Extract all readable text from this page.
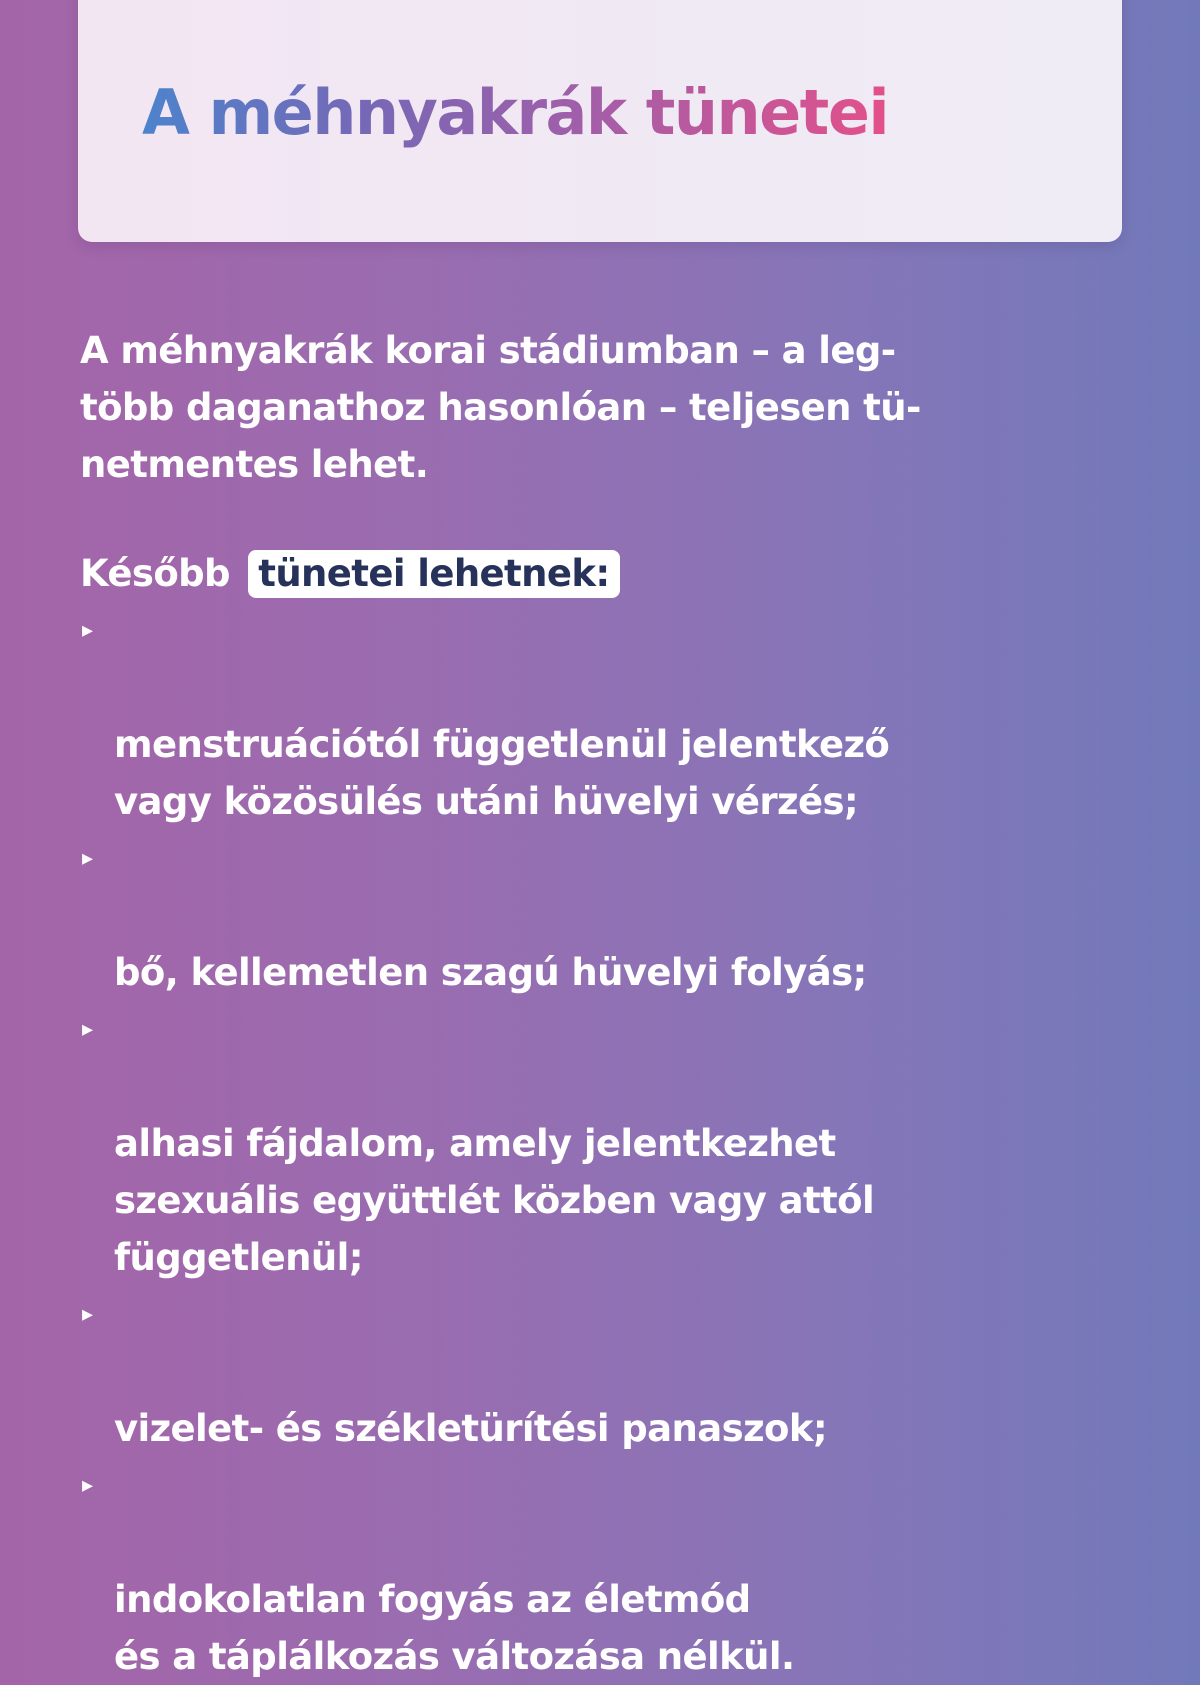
A méhnyakrák tünetei

A méhnyakrák korai stádiumban – a leg-
több daganathoz hasonlóan – teljesen tü-
netmentes lehet.

Később tünetei lehetnek:

▸

menstruációtól függetlenül jelentkező
vagy közösülés utáni hüvelyi vérzés;

▸

bő, kellemetlen szagú hüvelyi folyás;

▸

alhasi fájdalom, amely jelentkezhet
szexuális együttlét közben vagy attól
függetlenül;

▸

vizelet- és székletürítési panaszok;

▸

indokolatlan fogyás az életmód
és a táplálkozás változása nélkül.
